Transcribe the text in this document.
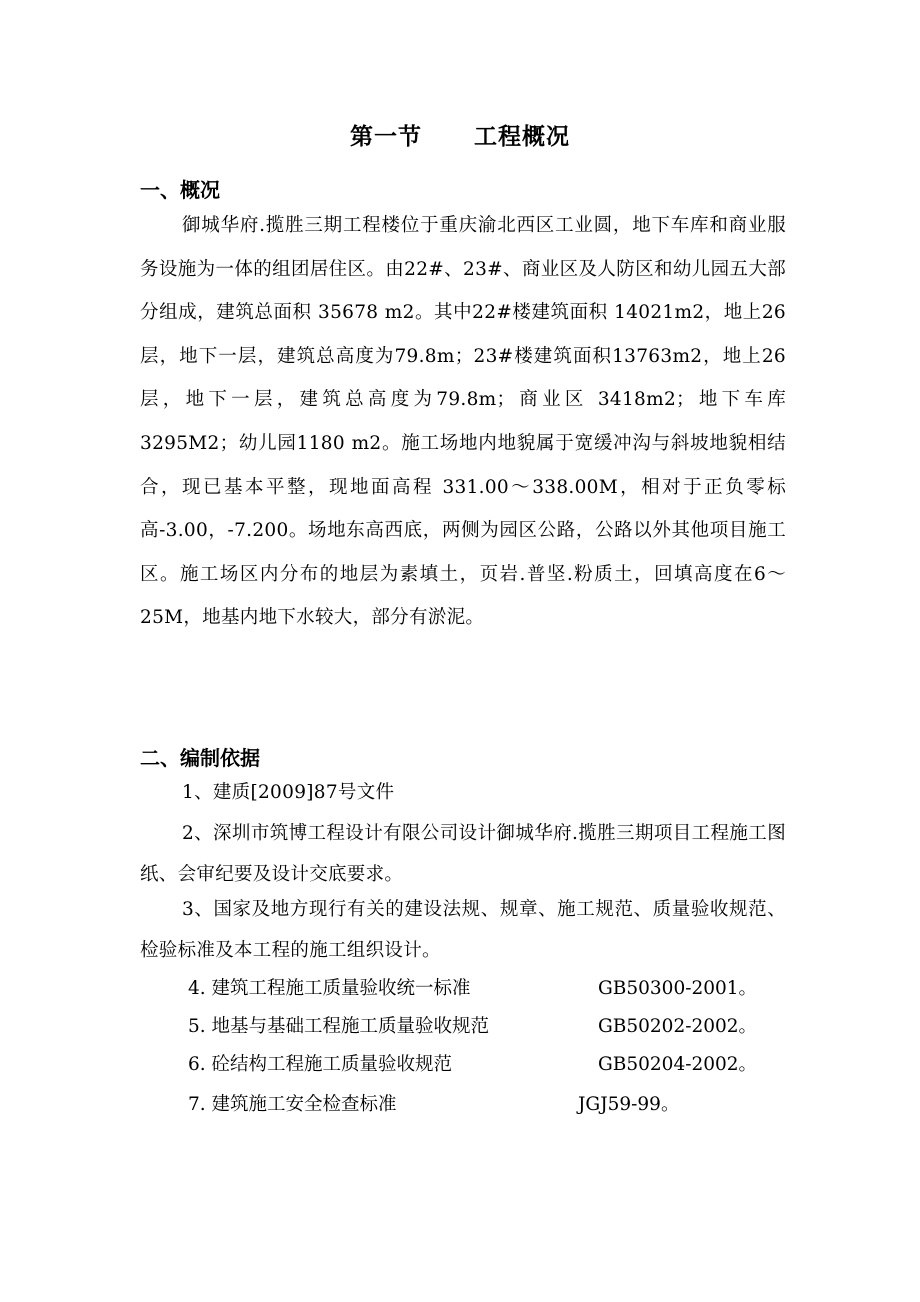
第一节 工程概况
一、概况
御城华府.揽胜三期工程楼位于重庆渝北西区工业圆，地下车库和商业服务设施为一体的组团居住区。由22#、23#、商业区及人防区和幼儿园五大部分组成，建筑总面积 35678 m2。其中22#楼建筑面积 14021m2，地上26层，地下一层，建筑总高度为79.8m；23#楼建筑面积13763m2，地上26层，地下一层，建筑总高度为79.8m；商业区 3418m2；地下车库 3295M2；幼儿园1180 m2。施工场地内地貌属于宽缓冲沟与斜坡地貌相结合，现已基本平整，现地面高程 331.00～338.00M，相对于正负零标高-3.00，-7.200。场地东高西底，两侧为园区公路，公路以外其他项目施工区。施工场区内分布的地层为素填土，页岩.普坚.粉质土，回填高度在6～25M，地基内地下水较大，部分有淤泥。
二、编制依据
1、建质[2009]87号文件
2、深圳市筑博工程设计有限公司设计御城华府.揽胜三期项目工程施工图纸、会审纪要及设计交底要求。
3、国家及地方现行有关的建设法规、规章、施工规范、质量验收规范、检验标准及本工程的施工组织设计。
4. 建筑工程施工质量验收统一标准	GB50300-2001。
5. 地基与基础工程施工质量验收规范	GB50202-2002。
6. 砼结构工程施工质量验收规范	GB50204-2002。
7. 建筑施工安全检查标准	JGJ59-99。
